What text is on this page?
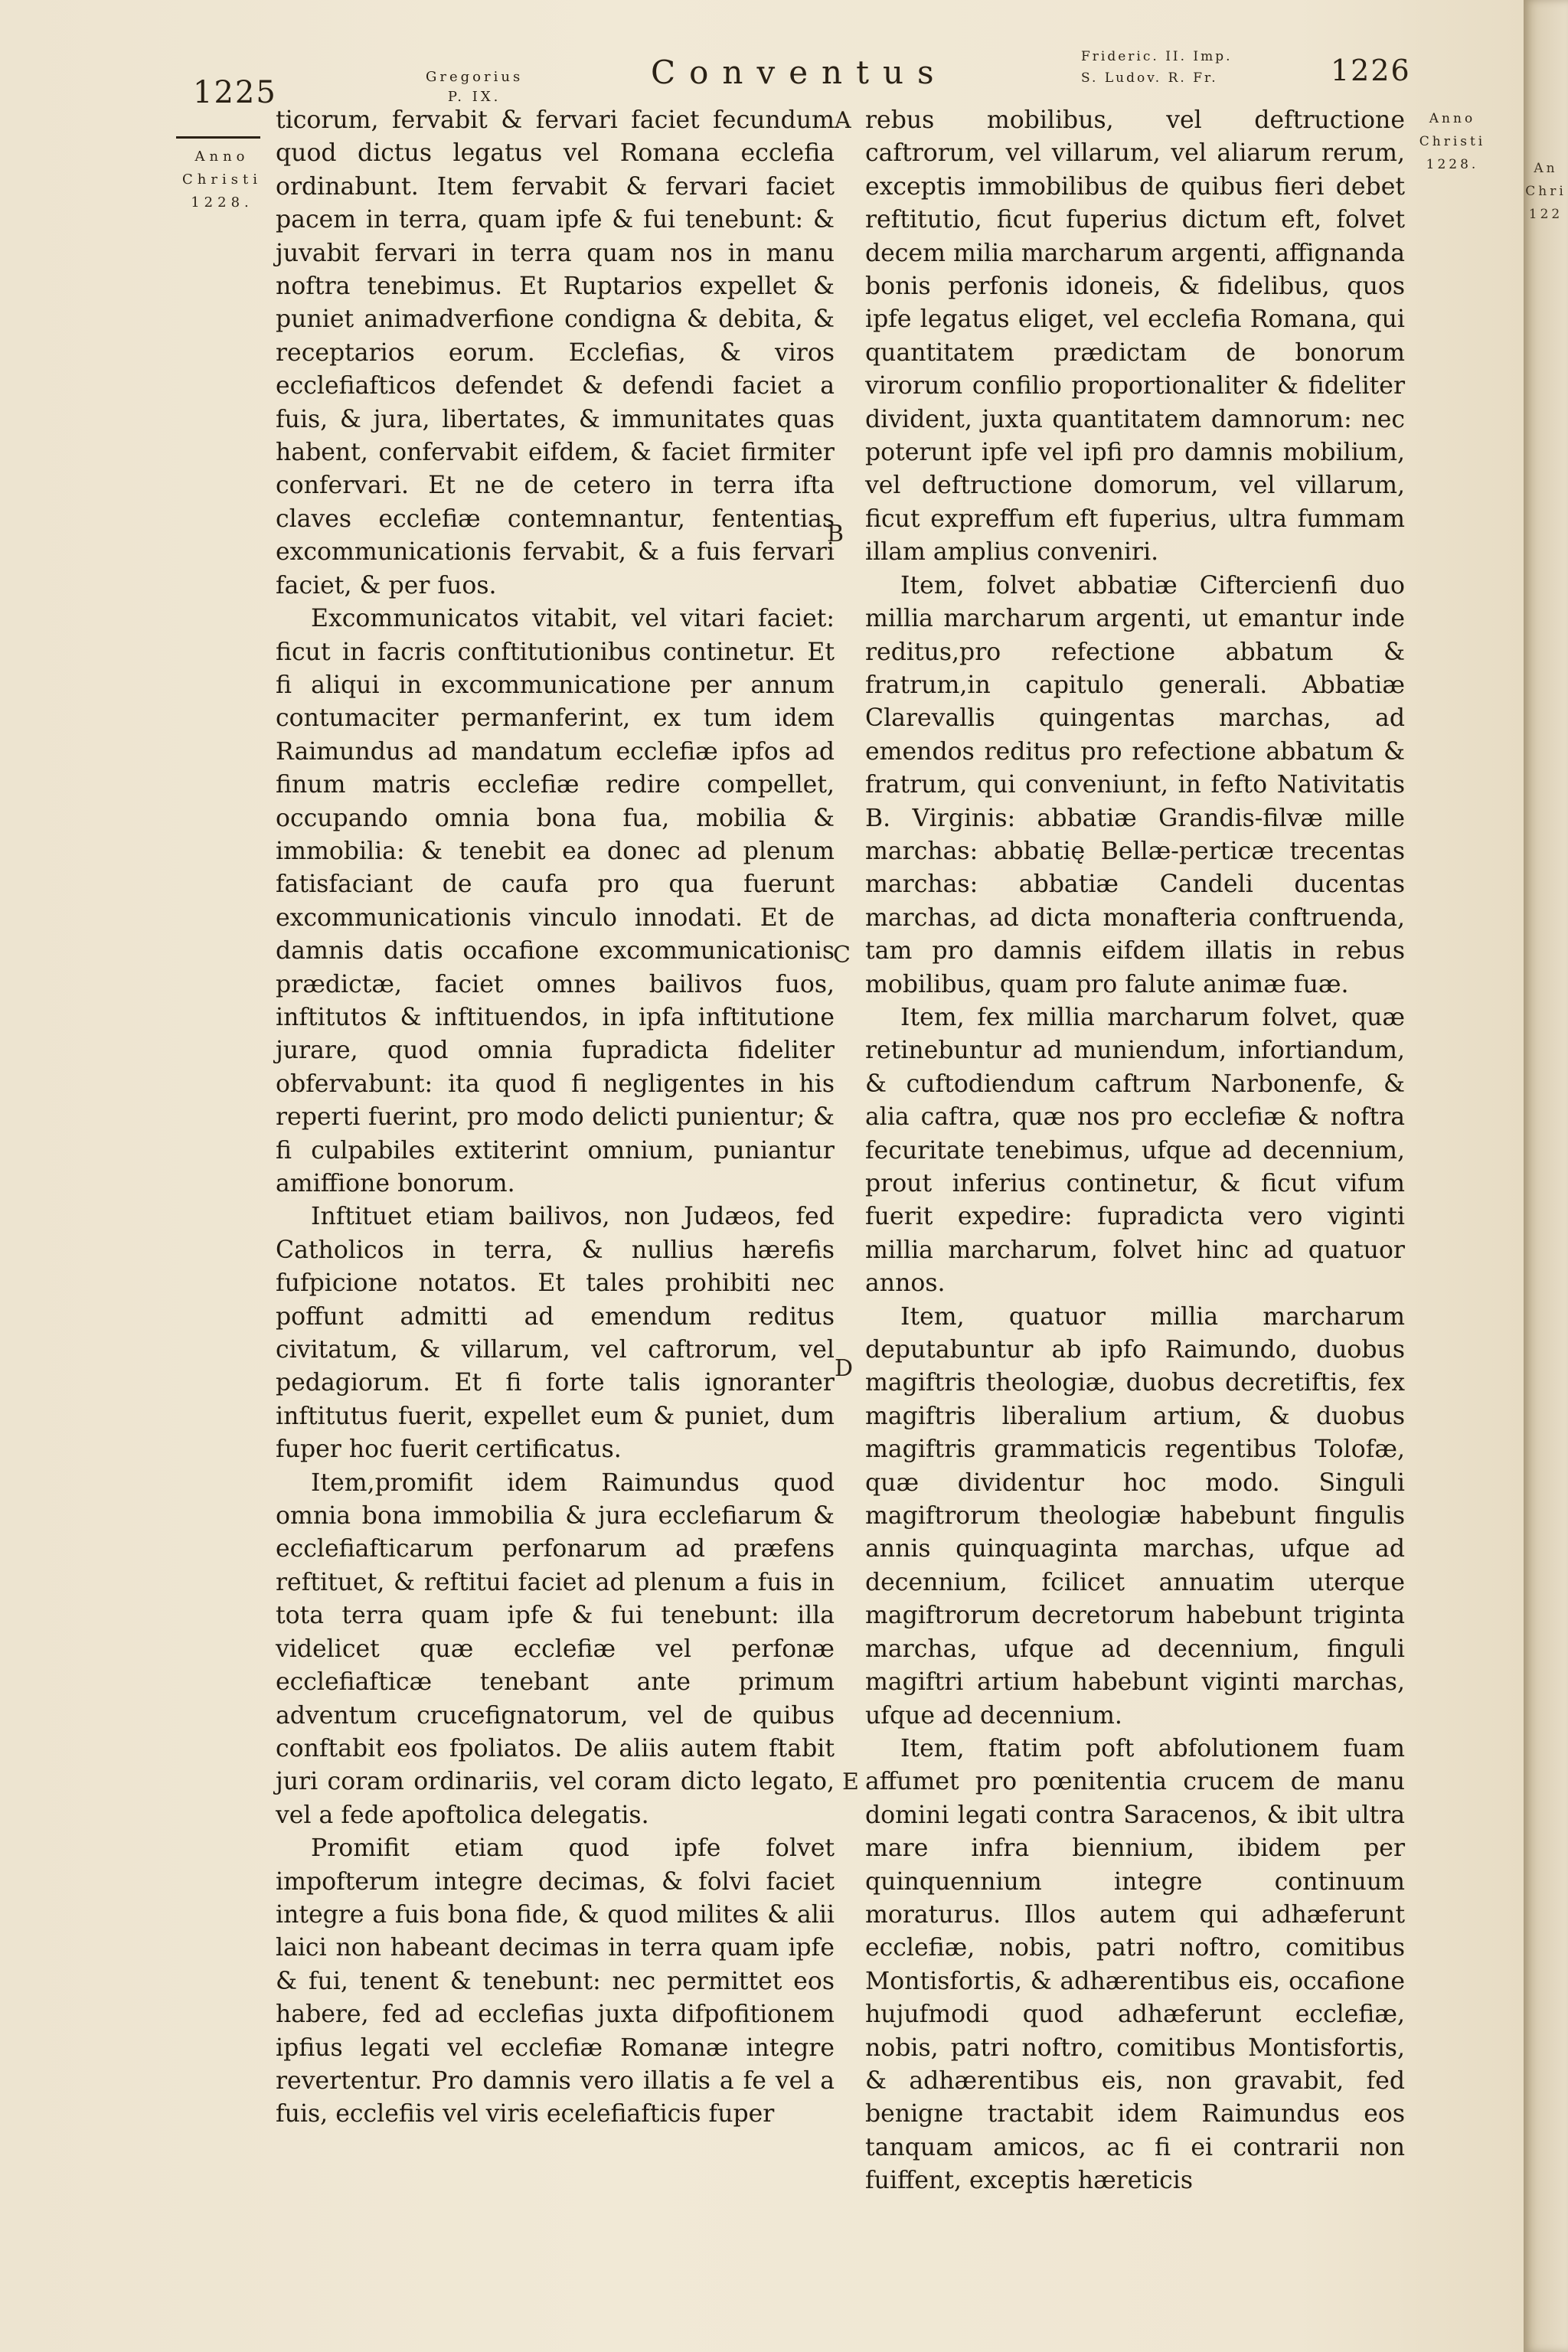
1225	Gregorius
P. IX.
Conventus	Frideric. II. Imp.
S. Ludov. R. Fr.	1226
Anno
Christi
1228.
Anno
Christi
1228.	An
Chri
122

ticorum, fervabit & fervari faciet fecundum quod dictus legatus vel Romana ecclefia ordinabunt. Item fervabit & fervari faciet pacem in terra, quam ipfe & fui tenebunt: & juvabit fervari in terra quam nos in manu noftra tenebimus. Et Ruptarios expellet & puniet animadverfione condigna & debita, & receptarios eorum. Ecclefias, & viros ecclefiafticos defendet & defendi faciet a fuis, & jura, libertates, & immunitates quas habent, confervabit eifdem, & faciet firmiter confervari. Et ne de cetero in terra ifta claves ecclefiæ contemnantur, fententias excommunicationis fervabit, & a fuis fervari faciet, & per fuos.

Excommunicatos vitabit, vel vitari faciet: ficut in facris conftitutionibus continetur. Et fi aliqui in excommunicatione per annum contumaciter permanferint, ex tum idem Raimundus ad mandatum ecclefiæ ipfos ad finum matris ecclefiæ redire compellet, occupando omnia bona fua, mobilia & immobilia: & tenebit ea donec ad plenum fatisfaciant de caufa pro qua fuerunt excommunicationis vinculo innodati. Et de damnis datis occafione excommunicationis prædictæ, faciet omnes bailivos fuos, inftitutos & inftituendos, in ipfa inftitutione jurare, quod omnia fupradicta fideliter obfervabunt: ita quod fi negligentes in his reperti fuerint, pro modo delicti punientur; & fi culpabiles extiterint omnium, puniantur amiffione bonorum.

Inftituet etiam bailivos, non Judæos, fed Catholicos in terra, & nullius hærefis fufpicione notatos. Et tales prohibiti nec poffunt admitti ad emendum reditus civitatum, & villarum, vel caftrorum, vel pedagiorum. Et fi forte talis ignoranter inftitutus fuerit, expellet eum & puniet, dum fuper hoc fuerit certificatus.

Item,promifit idem Raimundus quod omnia bona immobilia & jura ecclefiarum & ecclefiafticarum perfonarum ad præfens reftituet, & reftitui faciet ad plenum a fuis in tota terra quam ipfe & fui tenebunt: illa videlicet quæ ecclefiæ vel perfonæ ecclefiafticæ tenebant ante primum adventum crucefignatorum, vel de quibus conftabit eos fpoliatos. De aliis autem ftabit juri coram ordinariis, vel coram dicto legato, vel a fede apoftolica delegatis.

Promifit etiam quod ipfe folvet impofterum integre decimas, & folvi faciet integre a fuis bona fide, & quod milites & alii laici non habeant decimas in terra quam ipfe & fui, tenent & tenebunt: nec permittet eos habere, fed ad ecclefias juxta difpofitionem ipfius legati vel ecclefiæ Romanæ integre revertentur. Pro damnis vero illatis a fe vel a fuis, ecclefiis vel viris ecelefiafticis fuper

A
B
C
D
E

rebus mobilibus, vel deftructione caftrorum, vel villarum, vel aliarum rerum, exceptis immobilibus de quibus fieri debet reftitutio, ficut fuperius dictum eft, folvet decem milia marcharum argenti, affignanda bonis perfonis idoneis, & fidelibus, quos ipfe legatus eliget, vel ecclefia Romana, qui quantitatem prædictam de bonorum virorum confilio proportionaliter & fideliter divident, juxta quantitatem damnorum: nec poterunt ipfe vel ipfi pro damnis mobilium, vel deftructione domorum, vel villarum, ficut expreffum eft fuperius, ultra fummam illam amplius conveniri.

Item, folvet abbatiæ Ciftercienfi duo millia marcharum argenti, ut emantur inde reditus,pro refectione abbatum & fratrum,in capitulo generali. Abbatiæ Clarevallis quingentas marchas, ad emendos reditus pro refectione abbatum & fratrum, qui conveniunt, in fefto Nativitatis B. Virginis: abbatiæ Grandis-filvæ mille marchas: abbatię Bellæ-perticæ trecentas marchas: abbatiæ Candeli ducentas marchas, ad dicta monafteria conftruenda, tam pro damnis eifdem illatis in rebus mobilibus, quam pro falute animæ fuæ.

Item, fex millia marcharum folvet, quæ retinebuntur ad muniendum, infortiandum, & cuftodiendum caftrum Narbonenfe, & alia caftra, quæ nos pro ecclefiæ & noftra fecuritate tenebimus, ufque ad decennium, prout inferius continetur, & ficut vifum fuerit expedire: fupradicta vero viginti millia marcharum, folvet hinc ad quatuor annos.

Item, quatuor millia marcharum deputabuntur ab ipfo Raimundo, duobus magiftris theologiæ, duobus decretiftis, fex magiftris liberalium artium, & duobus magiftris grammaticis regentibus Tolofæ, quæ dividentur hoc modo. Singuli magiftrorum theologiæ habebunt fingulis annis quinquaginta marchas, ufque ad decennium, fcilicet annuatim uterque magiftrorum decretorum habebunt triginta marchas, ufque ad decennium, finguli magiftri artium habebunt viginti marchas, ufque ad decennium.

Item, ftatim poft abfolutionem fuam affumet pro pœnitentia crucem de manu domini legati contra Saracenos, & ibit ultra mare infra biennium, ibidem per quinquennium integre continuum moraturus. Illos autem qui adhæferunt ecclefiæ, nobis, patri noftro, comitibus Montisfortis, & adhærentibus eis, occafione hujufmodi quod adhæferunt ecclefiæ, nobis, patri noftro, comitibus Montisfortis, & adhærentibus eis, non gravabit, fed benigne tractabit idem Raimundus eos tanquam amicos, ac fi ei contrarii non fuiffent, exceptis hæreticis
